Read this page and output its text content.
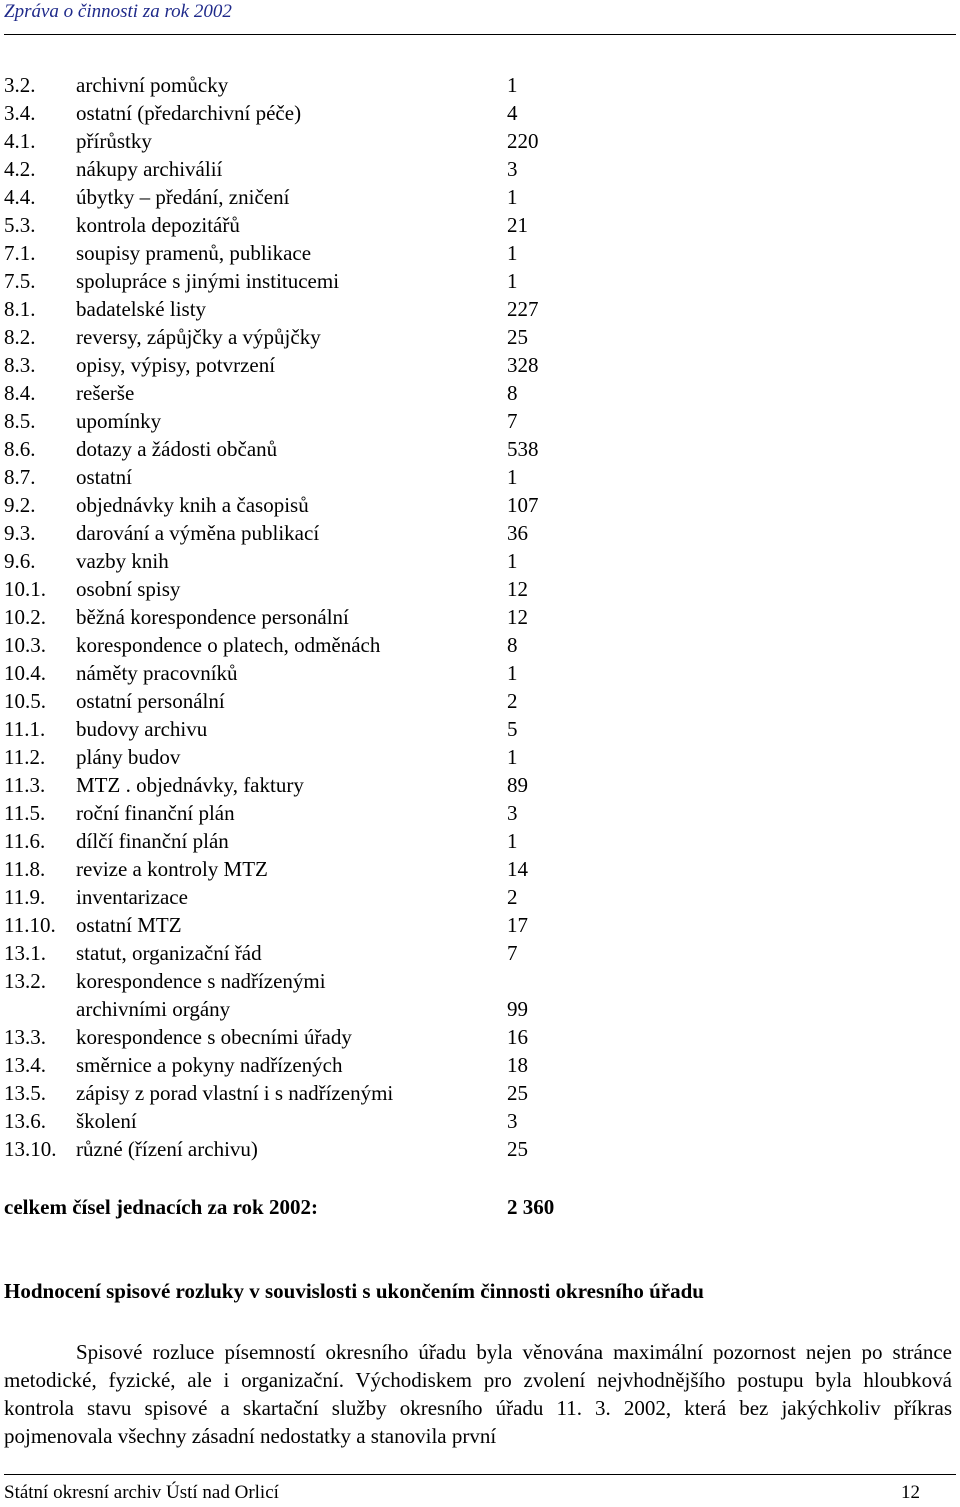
Zpráva o činnosti za rok 2002
3.2. archivní pomůcky	1
3.4. ostatní (předarchivní péče)	4
4.1. přírůstky	220
4.2. nákupy archiválií	3
4.4. úbytky – předání, zničení	1
5.3. kontrola depozitářů	21
7.1. soupisy pramenů, publikace	1
7.5. spolupráce s jinými institucemi	1
8.1. badatelské listy	227
8.2. reversy, zápůjčky a výpůjčky	25
8.3. opisy, výpisy, potvrzení	328
8.4. rešerše	8
8.5. upomínky	7
8.6. dotazy a žádosti občanů	538
8.7. ostatní	1
9.2. objednávky knih a časopisů	107
9.3. darování a výměna publikací	36
9.6. vazby knih	1
10.1. osobní spisy	12
10.2. běžná korespondence personální	12
10.3. korespondence o platech, odměnách	8
10.4. náměty pracovníků	1
10.5. ostatní personální	2
11.1. budovy archivu	5
11.2. plány budov	1
11.3. MTZ . objednávky, faktury	89
11.5. roční finanční plán	3
11.6. dílčí finanční plán	1
11.8. revize a kontroly MTZ	14
11.9. inventarizace	2
11.10. ostatní MTZ	17
13.1. statut, organizační řád	7
13.2. korespondence s nadřízenými
archivními orgány	99
13.3. korespondence s obecními úřady	16
13.4. směrnice a pokyny nadřízených	18
13.5. zápisy z porad vlastní i s nadřízenými	25
13.6. školení	3
13.10. různé (řízení archivu)	25
celkem čísel jednacích za rok 2002:	2 360
Hodnocení spisové rozluky v souvislosti s ukončením činnosti okresního úřadu

Spisové rozluce písemností okresního úřadu byla věnována maximální pozornost nejen po stránce metodické, fyzické, ale i organizační. Východiskem pro zvolení nejvhodnějšího postupu byla hloubková kontrola stavu spisové a skartační služby okresního úřadu 11. 3. 2002, která bez jakýchkoliv příkras pojmenovala všechny zásadní nedostatky a stanovila první

Státní okresní archiv Ústí nad Orlicí	12
